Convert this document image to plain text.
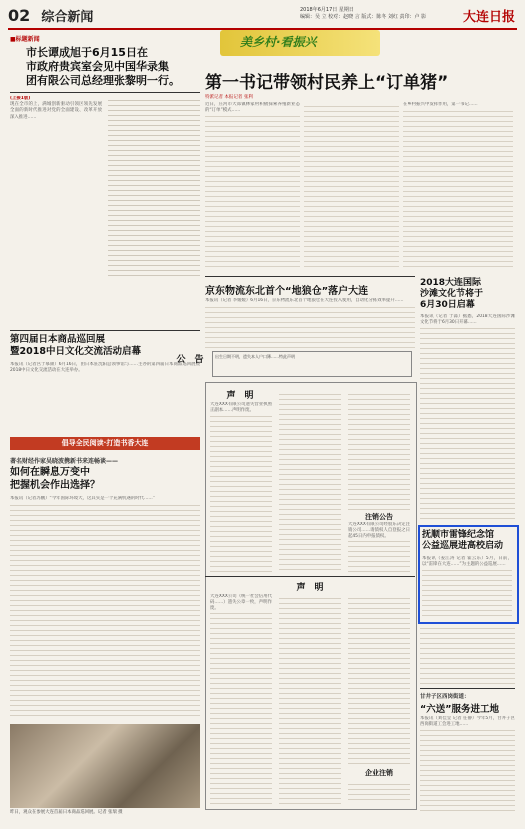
02 综合新闻	2018年6月17日 星期日
编辑：吴 立 校对：赵晓 言 版式：陈冬 刘红 责印：卢 影	大连日报
■标题新闻
市长谭成旭于6月15日在
市政府贵宾室会见中国华录集
团有限公司总经理张黎明一行。
(上接1版)
现在全市的上，满城创新驱动引领区领先发展全面的新时代推进对党的全面建设、改革开放深入推进……
第四届日本商品巡回展
暨2018中日文化交流活动启幕
本报讯（记者宫于慕颜）6月16日，由日本驻沈阳总领事馆与……主办的第四届日本商品巡回展暨2018中日文化交流活动在大连举办。
倡导全民阅读·打造书香大连
著名财经作家吴晓波携新书来连畅谈——
如何在瞬息万变中
把握机会作出选择？
本报讯（记者苏鹏）“今年国际环境大，这其实是一个充满机遇的时代……”
昨日，观众在参展大连首届日本商品巡回展。记者 张瑞 摄
美乡村·看振兴
第一书记带领村民养上“订单猪”
特派记者 本报记者 张利
近日，庄河市大郑镇林家村积极探索养殖新业态的“订单”模式……
在乡村振兴中发挥作用，第一书记……
京东物流东北首个“地狼仓”落户大连
本报讯（记者 李媛媛）6月16日，京东物流东北首个地狼仓在大连投入使用，自动化分拣效率提升……
公　告	出生日期不明，遗失本人户口簿……特此声明
声　明
大连XXX有限公司遗失营业执照正副本……声明作废。
注销公告
大连XXX有限公司经股东决定注销公司……请债权人自登报之日起45日内申报债权。
声　明
大连XXX公司（统一社会信用代码……）遗失公章一枚，声明作废。
企业注销
2018大连国际
沙滩文化节将于
6月30日启幕
本报讯（记者 于淼）据悉，2018大连国际沙滩文化节将于6月30日开幕……
抚顺市雷锋纪念馆
公益巡展进高校启动
本报讯（姜江涛 记者 霍云东）5月，日前，以“雷锋在大连……”为主题的公益巡展……
甘井子区西岗街道：
“六送”服务进工地
本报讯（刘佳莹 记者 任静）今年5月，甘井子区西岗街道工会进工地……
